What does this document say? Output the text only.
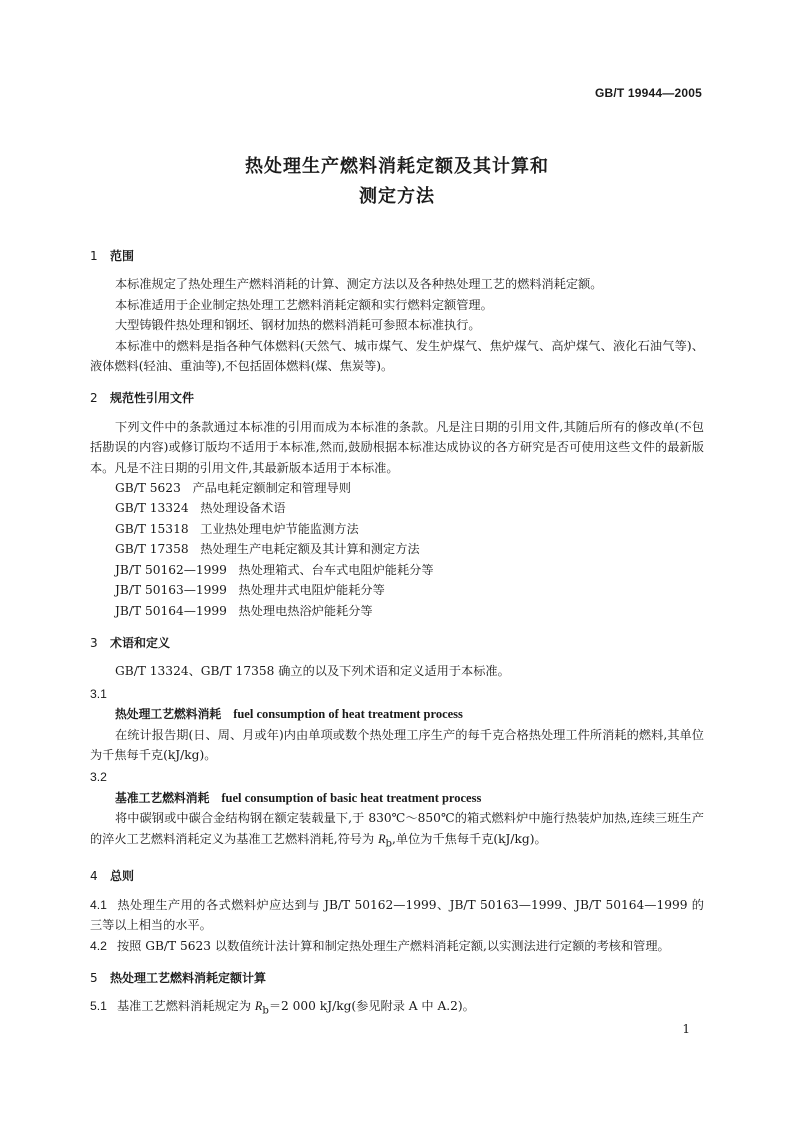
GB/T 19944—2005
热处理生产燃料消耗定额及其计算和
测定方法
1 范围

本标准规定了热处理生产燃料消耗的计算、测定方法以及各种热处理工艺的燃料消耗定额。

本标准适用于企业制定热处理工艺燃料消耗定额和实行燃料定额管理。

大型铸锻件热处理和钢坯、钢材加热的燃料消耗可参照本标准执行。

本标准中的燃料是指各种气体燃料(天然气、城市煤气、发生炉煤气、焦炉煤气、高炉煤气、液化石油气等)、液体燃料(轻油、重油等),不包括固体燃料(煤、焦炭等)。

2 规范性引用文件

下列文件中的条款通过本标准的引用而成为本标准的条款。凡是注日期的引用文件,其随后所有的修改单(不包括勘误的内容)或修订版均不适用于本标准,然而,鼓励根据本标准达成协议的各方研究是否可使用这些文件的最新版本。凡是不注日期的引用文件,其最新版本适用于本标准。

GB/T 5623   产品电耗定额制定和管理导则

GB/T 13324   热处理设备术语

GB/T 15318   工业热处理电炉节能监测方法

GB/T 17358   热处理生产电耗定额及其计算和测定方法

JB/T 50162—1999   热处理箱式、台车式电阻炉能耗分等

JB/T 50163—1999   热处理井式电阻炉能耗分等

JB/T 50164—1999   热处理电热浴炉能耗分等

3 术语和定义

GB/T 13324、GB/T 17358 确立的以及下列术语和定义适用于本标准。

3.1

热处理工艺燃料消耗 fuel consumption of heat treatment process

在统计报告期(日、周、月或年)内由单项或数个热处理工序生产的每千克合格热处理工件所消耗的燃料,其单位为千焦每千克(kJ/kg)。

3.2

基准工艺燃料消耗 fuel consumption of basic heat treatment process

将中碳钢或中碳合金结构钢在额定装载量下,于 830℃～850℃的箱式燃料炉中施行热装炉加热,连续三班生产的淬火工艺燃料消耗定义为基准工艺燃料消耗,符号为 $R_b$,单位为千焦每千克(kJ/kg)。

4 总则

4.1 热处理生产用的各式燃料炉应达到与 JB/T 50162—1999、JB/T 50163—1999、JB/T 50164—1999 的三等以上相当的水平。

4.2 按照 GB/T 5623 以数值统计法计算和制定热处理生产燃料消耗定额,以实测法进行定额的考核和管理。

5 热处理工艺燃料消耗定额计算

5.1 基准工艺燃料消耗规定为 $R_b=2$ 000 kJ/kg(参见附录 A 中 A.2)。

1
